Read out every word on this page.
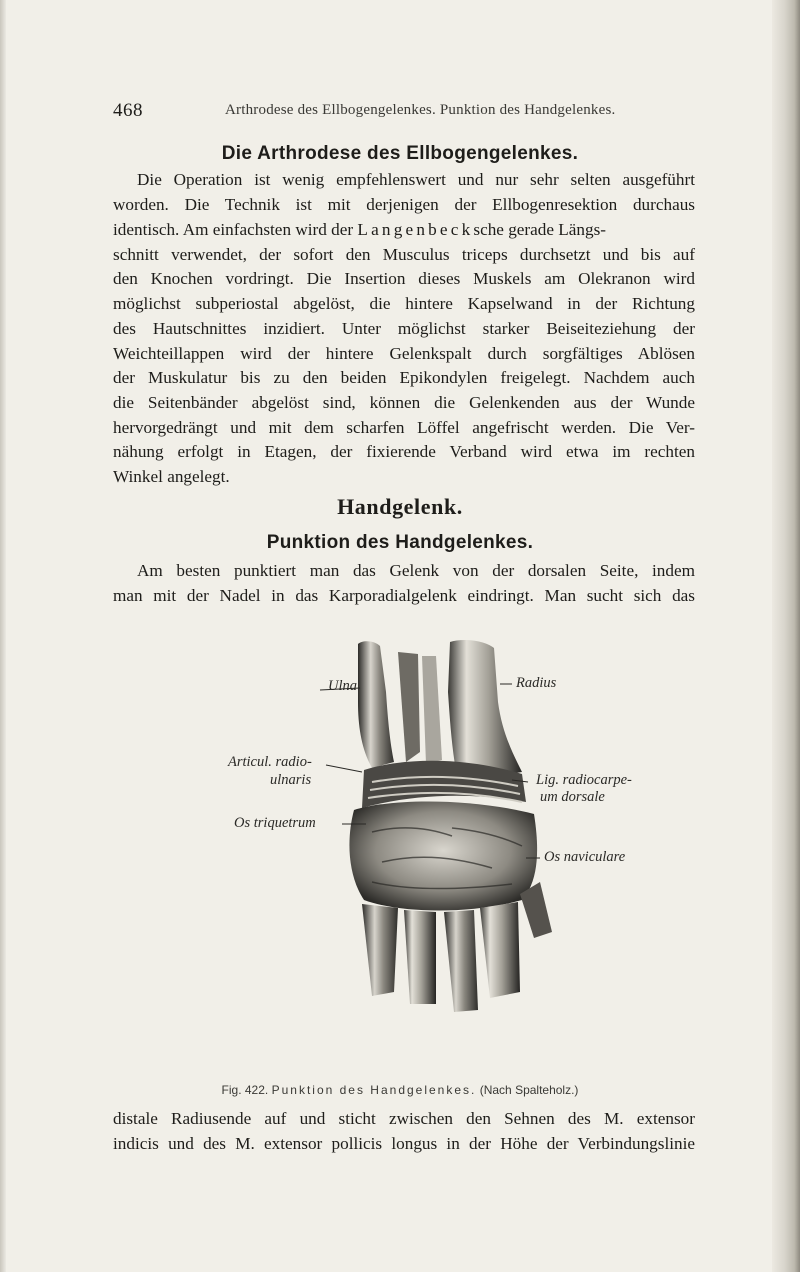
468	Arthrodese des Ellbogengelenkes. Punktion des Handgelenkes.
Die Arthrodese des Ellbogengelenkes.
Die Operation ist wenig empfehlenswert und nur sehr selten ausgeführt
worden. Die Technik ist mit derjenigen der Ellbogenresektion durchaus
identisch. Am einfachsten wird der Langenbecksche gerade Längs-
schnitt verwendet, der sofort den Musculus triceps durchsetzt und bis auf
den Knochen vordringt. Die Insertion dieses Muskels am Olekranon wird
möglichst subperiostal abgelöst, die hintere Kapselwand in der Richtung
des Hautschnittes inzidiert. Unter möglichst starker Beiseiteziehung der
Weichteillappen wird der hintere Gelenkspalt durch sorgfältiges Ablösen
der Muskulatur bis zu den beiden Epikondylen freigelegt. Nachdem auch
die Seitenbänder abgelöst sind, können die Gelenkenden aus der Wunde
hervorgedrängt und mit dem scharfen Löffel angefrischt werden. Die Ver-
nähung erfolgt in Etagen, der fixierende Verband wird etwa im rechten
Winkel angelegt.
Handgelenk.
Punktion des Handgelenkes.
Am besten punktiert man das Gelenk von der dorsalen Seite, indem
man mit der Nadel in das Karporadialgelenk eindringt. Man sucht sich das
Ulna	Radius
Articul. radio-
ulnaris	Lig. radiocarpe-
um dorsale
Os triquetrum
Os naviculare
Fig. 422. Punktion des Handgelenkes. (Nach Spalteholz.)
distale Radiusende auf und sticht zwischen den Sehnen des M. extensor
indicis und des M. extensor pollicis longus in der Höhe der Verbindungslinie
